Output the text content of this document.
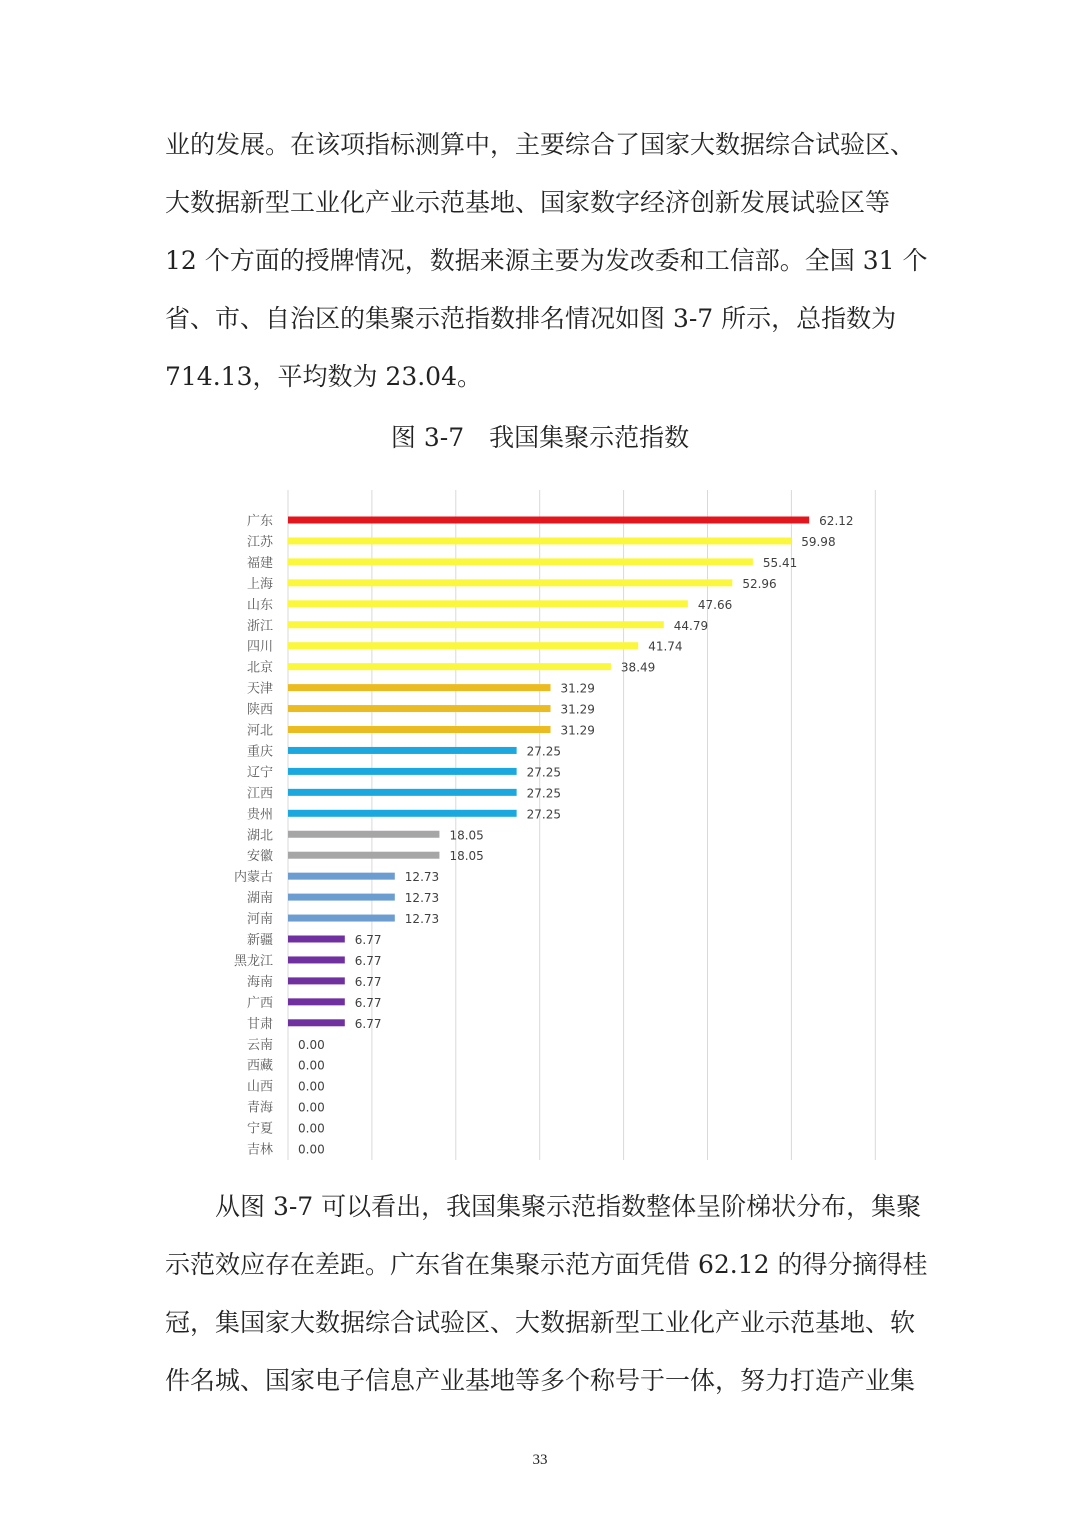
业的发展。在该项指标测算中，主要综合了国家大数据综合试验区、
大数据新型工业化产业示范基地、国家数字经济创新发展试验区等
12 个方面的授牌情况，数据来源主要为发改委和工信部。全国 31 个
省、市、自治区的集聚示范指数排名情况如图 3-7 所示，总指数为
714.13，平均数为 23.04。
图 3-7　我国集聚示范指数
广东
江苏
福建
上海
山东
浙江
四川
北京
天津
陕西
河北
重庆
辽宁
江西
贵州
湖北
安徽
内蒙古
湖南
河南
新疆
黑龙江
海南
广西
甘肃
云南
西藏
山西
青海
宁夏
吉林
62.12
59.98
55.41
52.96
47.66
44.79
41.74
38.49
31.29
31.29
31.29
27.25
27.25
27.25
27.25
18.05
18.05
12.73
12.73
12.73
6.77
6.77
6.77
6.77
6.77
0.00
0.00
0.00
0.00
0.00
0.00
从图 3-7 可以看出，我国集聚示范指数整体呈阶梯状分布，集聚
示范效应存在差距。广东省在集聚示范方面凭借 62.12 的得分摘得桂
冠，集国家大数据综合试验区、大数据新型工业化产业示范基地、软
件名城、国家电子信息产业基地等多个称号于一体，努力打造产业集
33
